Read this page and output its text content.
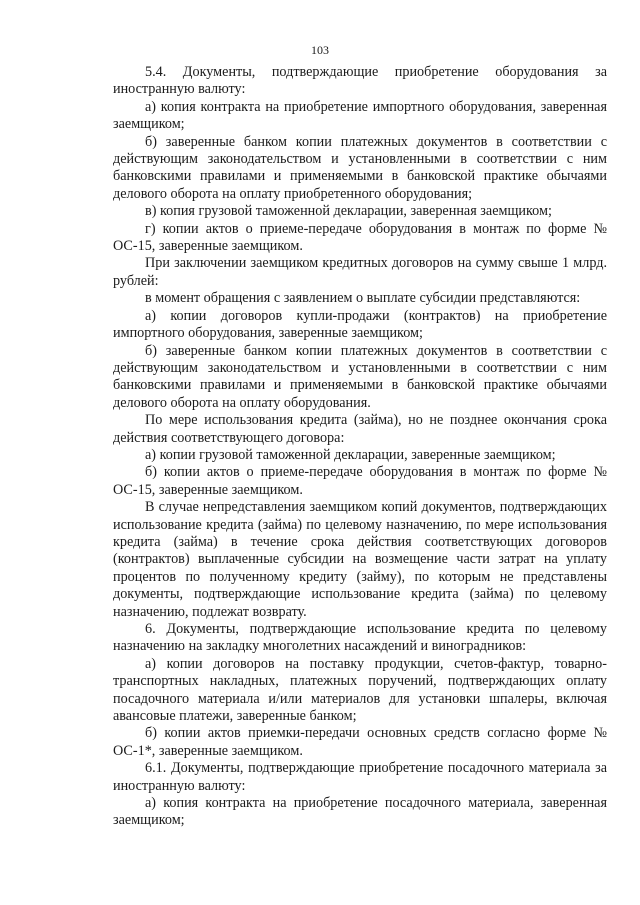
103

5.4. Документы, подтверждающие приобретение оборудования за иностранную валюту:

а) копия контракта на приобретение импортного оборудования, заверенная заемщиком;

б) заверенные банком копии платежных документов в соответствии с действующим законодательством и установленными в соответствии с ним банковскими правилами и применяемыми в банковской практике обычаями делового оборота на оплату приобретенного оборудования;

в) копия грузовой таможенной декларации, заверенная заемщиком;

г) копии актов о приеме-передаче оборудования в монтаж по форме № ОС-15, заверенные заемщиком.

При заключении заемщиком кредитных договоров на сумму свыше 1 млрд. рублей:

в момент обращения с заявлением о выплате субсидии представляются:

а) копии договоров купли-продажи (контрактов) на приобретение импортного оборудования, заверенные заемщиком;

б) заверенные банком копии платежных документов в соответствии с действующим законодательством и установленными в соответствии с ним банковскими правилами и применяемыми в банковской практике обычаями делового оборота на оплату оборудования.

По мере использования кредита (займа), но не позднее окончания срока действия соответствующего договора:

а) копии грузовой таможенной декларации, заверенные заемщиком;

б) копии актов о приеме-передаче оборудования в монтаж по форме № ОС-15, заверенные заемщиком.

В случае непредставления заемщиком копий документов, подтверждающих использование кредита (займа) по целевому назначению, по мере использования кредита (займа) в течение срока действия соответствующих договоров (контрактов) выплаченные субсидии на возмещение части затрат на уплату процентов по полученному кредиту (займу), по которым не представлены документы, подтверждающие использование кредита (займа) по целевому назначению, подлежат возврату.

6. Документы, подтверждающие использование кредита по целевому назначению на закладку многолетних насаждений и виноградников:

а) копии договоров на поставку продукции, счетов-фактур, товарно-транспортных накладных, платежных поручений, подтверждающих оплату посадочного материала и/или материалов для установки шпалеры, включая авансовые платежи, заверенные банком;

б) копии актов приемки-передачи основных средств согласно форме № ОС-1*, заверенные заемщиком.

6.1. Документы, подтверждающие приобретение посадочного материала за иностранную валюту:

а) копия контракта на приобретение посадочного материала, заверенная заемщиком;
